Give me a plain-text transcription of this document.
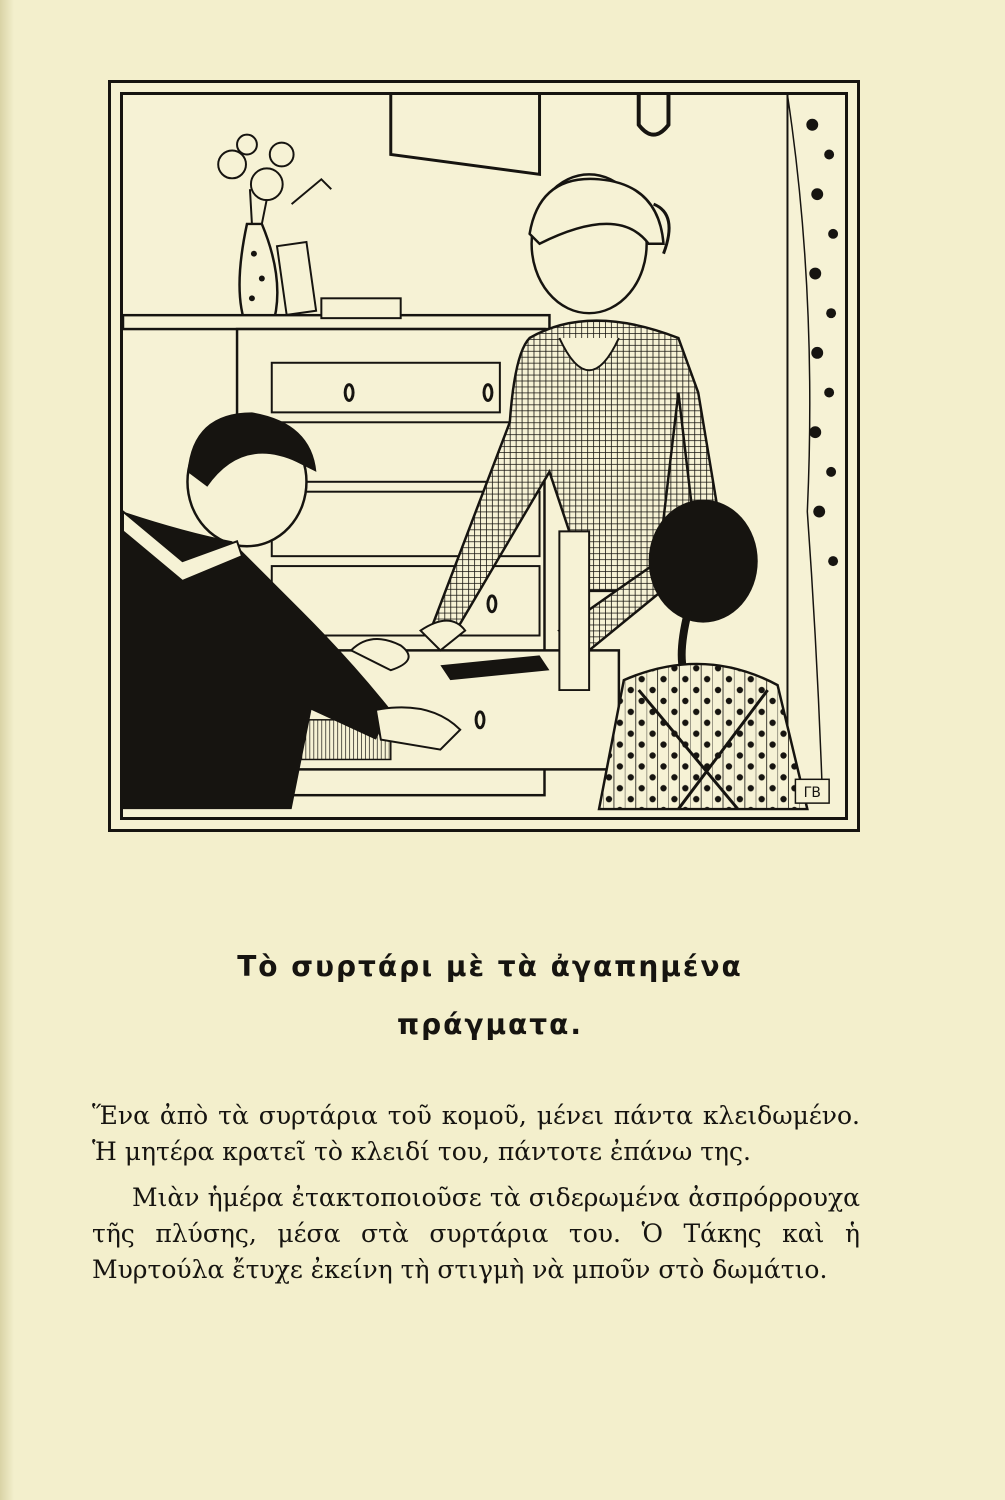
ΓΒ
Τὸ συρτάρι μὲ τὰ ἀγαπημένα
πράγματα.

Ἕνα ἀπὸ τὰ συρτάρια τοῦ κομοῦ, μένει πάντα κλειδωμένο. Ἡ μητέρα κρατεῖ τὸ κλειδί του, πάντοτε ἐπάνω της.

Μιὰν ἡμέρα ἐτακτοποιοῦσε τὰ σιδερωμένα ἀσπρόρρουχα τῆς πλύσης, μέσα στὰ συρτάρια του. Ὁ Τάκης καὶ ἡ Μυρτούλα ἔτυχε ἐκείνη τὴ στιγμὴ νὰ μποῦν στὸ δωμάτιο.
